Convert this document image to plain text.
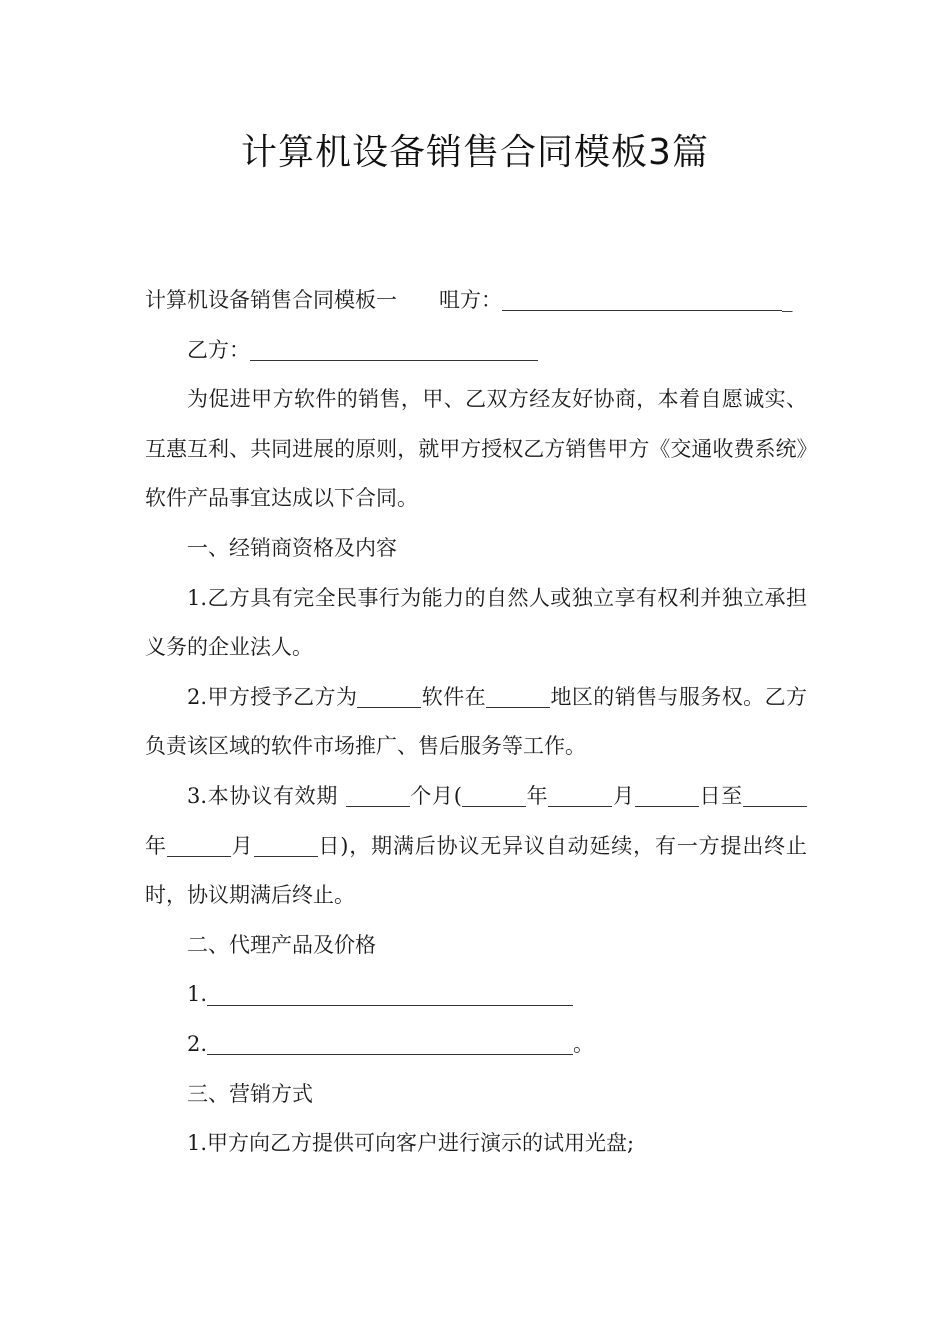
计算机设备销售合同模板3篇

计算机设备销售合同模板一 咀方：	_

乙方：

为促进甲方软件的销售，甲、乙双方经友好协商，本着自愿诚实、互惠互利、共同进展的原则，就甲方授权乙方销售甲方《交通收费系统》软件产品事宜达成以下合同。

一、经销商资格及内容

1.乙方具有完全民事行为能力的自然人或独立享有权利并独立承担义务的企业法人。

2.甲方授予乙方为	软件在	地区的销售与服务权。乙方负责该区域的软件市场推广、售后服务等工作。

3.本协议有效期	个月(	年	月	日至年	月	日)，期满后协议无异议自动延续，有一方提出终止时，协议期满后终止。

二、代理产品及价格

1.

2.	。

三、营销方式

1.甲方向乙方提供可向客户进行演示的试用光盘;
